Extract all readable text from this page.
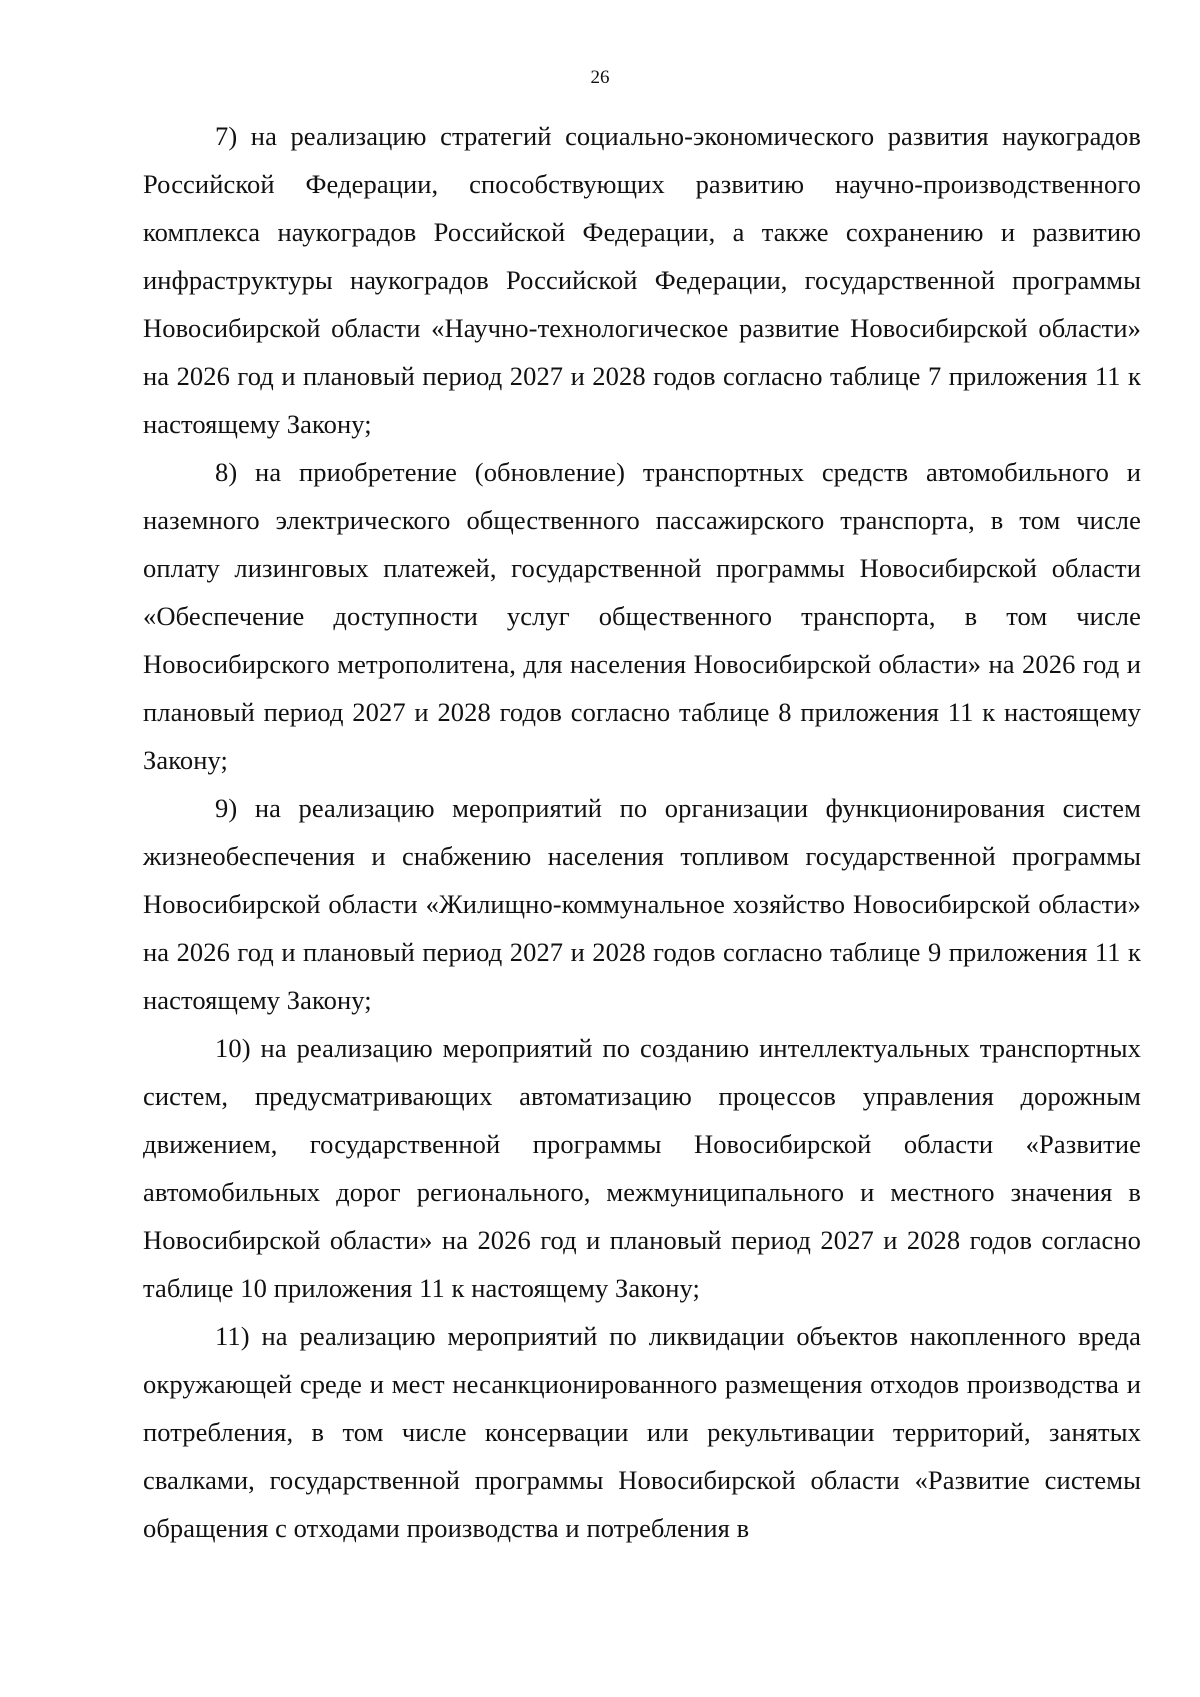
26

7) на реализацию стратегий социально-экономического развития наукоградов Российской Федерации, способствующих развитию научно-производственного комплекса наукоградов Российской Федерации, а также сохранению и развитию инфраструктуры наукоградов Российской Федерации, государственной программы Новосибирской области «Научно-технологическое развитие Новосибирской области» на 2026 год и плановый период 2027 и 2028 годов согласно таблице 7 приложения 11 к настоящему Закону;

8) на приобретение (обновление) транспортных средств автомобильного и наземного электрического общественного пассажирского транспорта, в том числе оплату лизинговых платежей, государственной программы Новосибирской области «Обеспечение доступности услуг общественного транспорта, в том числе Новосибирского метрополитена, для населения Новосибирской области» на 2026 год и плановый период 2027 и 2028 годов согласно таблице 8 приложения 11 к настоящему Закону;

9) на реализацию мероприятий по организации функционирования систем жизнеобеспечения и снабжению населения топливом государственной программы Новосибирской области «Жилищно-коммунальное хозяйство Новосибирской области» на 2026 год и плановый период 2027 и 2028 годов согласно таблице 9 приложения 11 к настоящему Закону;

10) на реализацию мероприятий по созданию интеллектуальных транспортных систем, предусматривающих автоматизацию процессов управления дорожным движением, государственной программы Новосибирской области «Развитие автомобильных дорог регионального, межмуниципального и местного значения в Новосибирской области» на 2026 год и плановый период 2027 и 2028 годов согласно таблице 10 приложения 11 к настоящему Закону;

11) на реализацию мероприятий по ликвидации объектов накопленного вреда окружающей среде и мест несанкционированного размещения отходов производства и потребления, в том числе консервации или рекультивации территорий, занятых свалками, государственной программы Новосибирской области «Развитие системы обращения с отходами производства и потребления в
